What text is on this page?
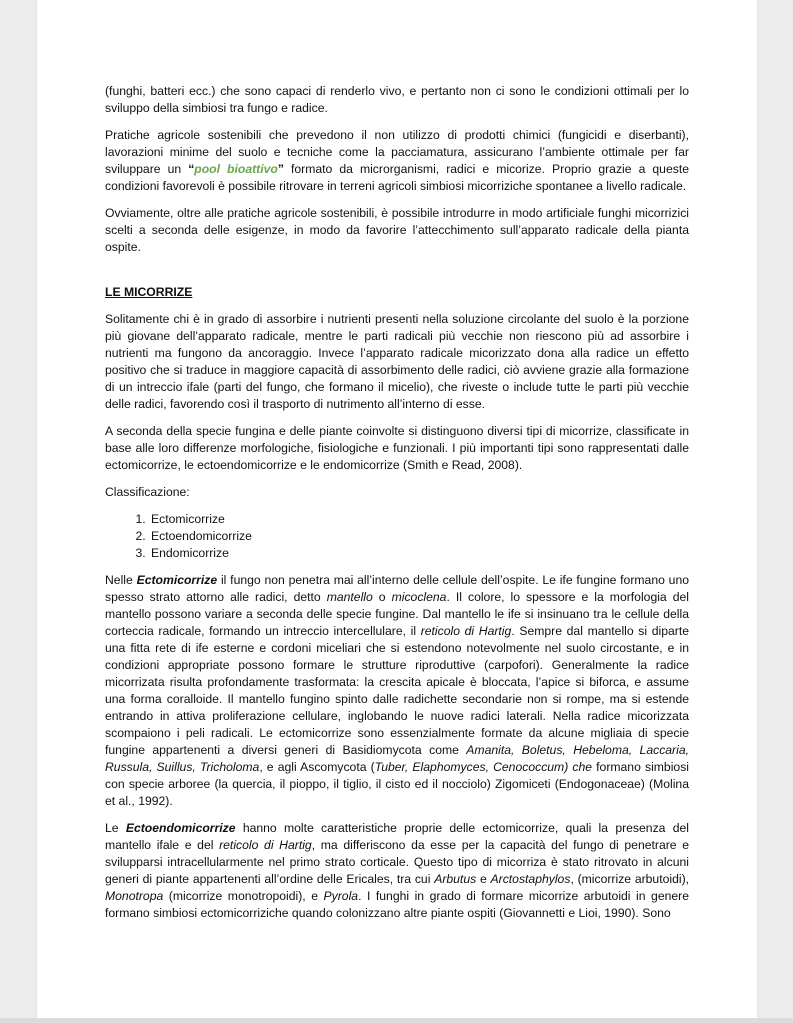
(funghi, batteri ecc.) che sono capaci di renderlo vivo, e pertanto non ci sono le condizioni ottimali per lo sviluppo della simbiosi tra fungo e radice.

Pratiche agricole sostenibili che prevedono il non utilizzo di prodotti chimici (fungicidi e diserbanti), lavorazioni minime del suolo e tecniche come la pacciamatura, assicurano l’ambiente ottimale per far sviluppare un “pool bioattivo” formato da microrganismi, radici e micorize. Proprio grazie a queste condizioni favorevoli è possibile ritrovare in terreni agricoli simbiosi micorriziche spontanee a livello radicale.

Ovviamente, oltre alle pratiche agricole sostenibili, è possibile introdurre in modo artificiale funghi micorrizici scelti a seconda delle esigenze, in modo da favorire l’attecchimento sull’apparato radicale della pianta ospite.

LE MICORRIZE

Solitamente chi è in grado di assorbire i nutrienti presenti nella soluzione circolante del suolo è la porzione più giovane dell’apparato radicale, mentre le parti radicali più vecchie non riescono più ad assorbire i nutrienti ma fungono da ancoraggio. Invece l’apparato radicale micorizzato dona alla radice un effetto positivo che si traduce in maggiore capacità di assorbimento delle radici, ciò avviene grazie alla formazione di un intreccio ifale (parti del fungo, che formano il micelio), che riveste o include tutte le parti più vecchie delle radici, favorendo così il trasporto di nutrimento all’interno di esse.

A seconda della specie fungina e delle piante coinvolte si distinguono diversi tipi di micorrize, classificate in base alle loro differenze morfologiche, fisiologiche e funzionali. I più importanti tipi sono rappresentati dalle ectomicorrize, le ectoendomicorrize e le endomicorrize (Smith e Read, 2008).

Classificazione:

1. Ectomicorrize
2. Ectoendomicorrize
3. Endomicorrize

Nelle Ectomicorrize il fungo non penetra mai all’interno delle cellule dell’ospite. Le ife fungine formano uno spesso strato attorno alle radici, detto mantello o micoclena. Il colore, lo spessore e la morfologia del mantello possono variare a seconda delle specie fungine. Dal mantello le ife si insinuano tra le cellule della corteccia radicale, formando un intreccio intercellulare, il reticolo di Hartig. Sempre dal mantello si diparte una fitta rete di ife esterne e cordoni miceliari che si estendono notevolmente nel suolo circostante, e in condizioni appropriate possono formare le strutture riproduttive (carpofori). Generalmente la radice micorrizata risulta profondamente trasformata: la crescita apicale è bloccata, l’apice si biforca, e assume una forma coralloide. Il mantello fungino spinto dalle radichette secondarie non si rompe, ma si estende entrando in attiva proliferazione cellulare, inglobando le nuove radici laterali. Nella radice micorizzata scompaiono i peli radicali. Le ectomicorrize sono essenzialmente formate da alcune migliaia di specie fungine appartenenti a diversi generi di Basidiomycota come Amanita, Boletus, Hebeloma, Laccaria, Russula, Suillus, Tricholoma, e agli Ascomycota (Tuber, Elaphomyces, Cenococcum) che formano simbiosi con specie arboree (la quercia, il pioppo, il tiglio, il cisto ed il nocciolo) Zigomiceti (Endogonaceae) (Molina et al., 1992).

Le Ectoendomicorrize hanno molte caratteristiche proprie delle ectomicorrize, quali la presenza del mantello ifale e del reticolo di Hartig, ma differiscono da esse per la capacità del fungo di penetrare e svilupparsi intracellularmente nel primo strato corticale. Questo tipo di micorriza è stato ritrovato in alcuni generi di piante appartenenti all’ordine delle Ericales, tra cui Arbutus e Arctostaphylos, (micorrize arbutoidi), Monotropa (micorrize monotropoidi), e Pyrola. I funghi in grado di formare micorrize arbutoidi in genere formano simbiosi ectomicorriziche quando colonizzano altre piante ospiti (Giovannetti e Lioi, 1990). Sono
